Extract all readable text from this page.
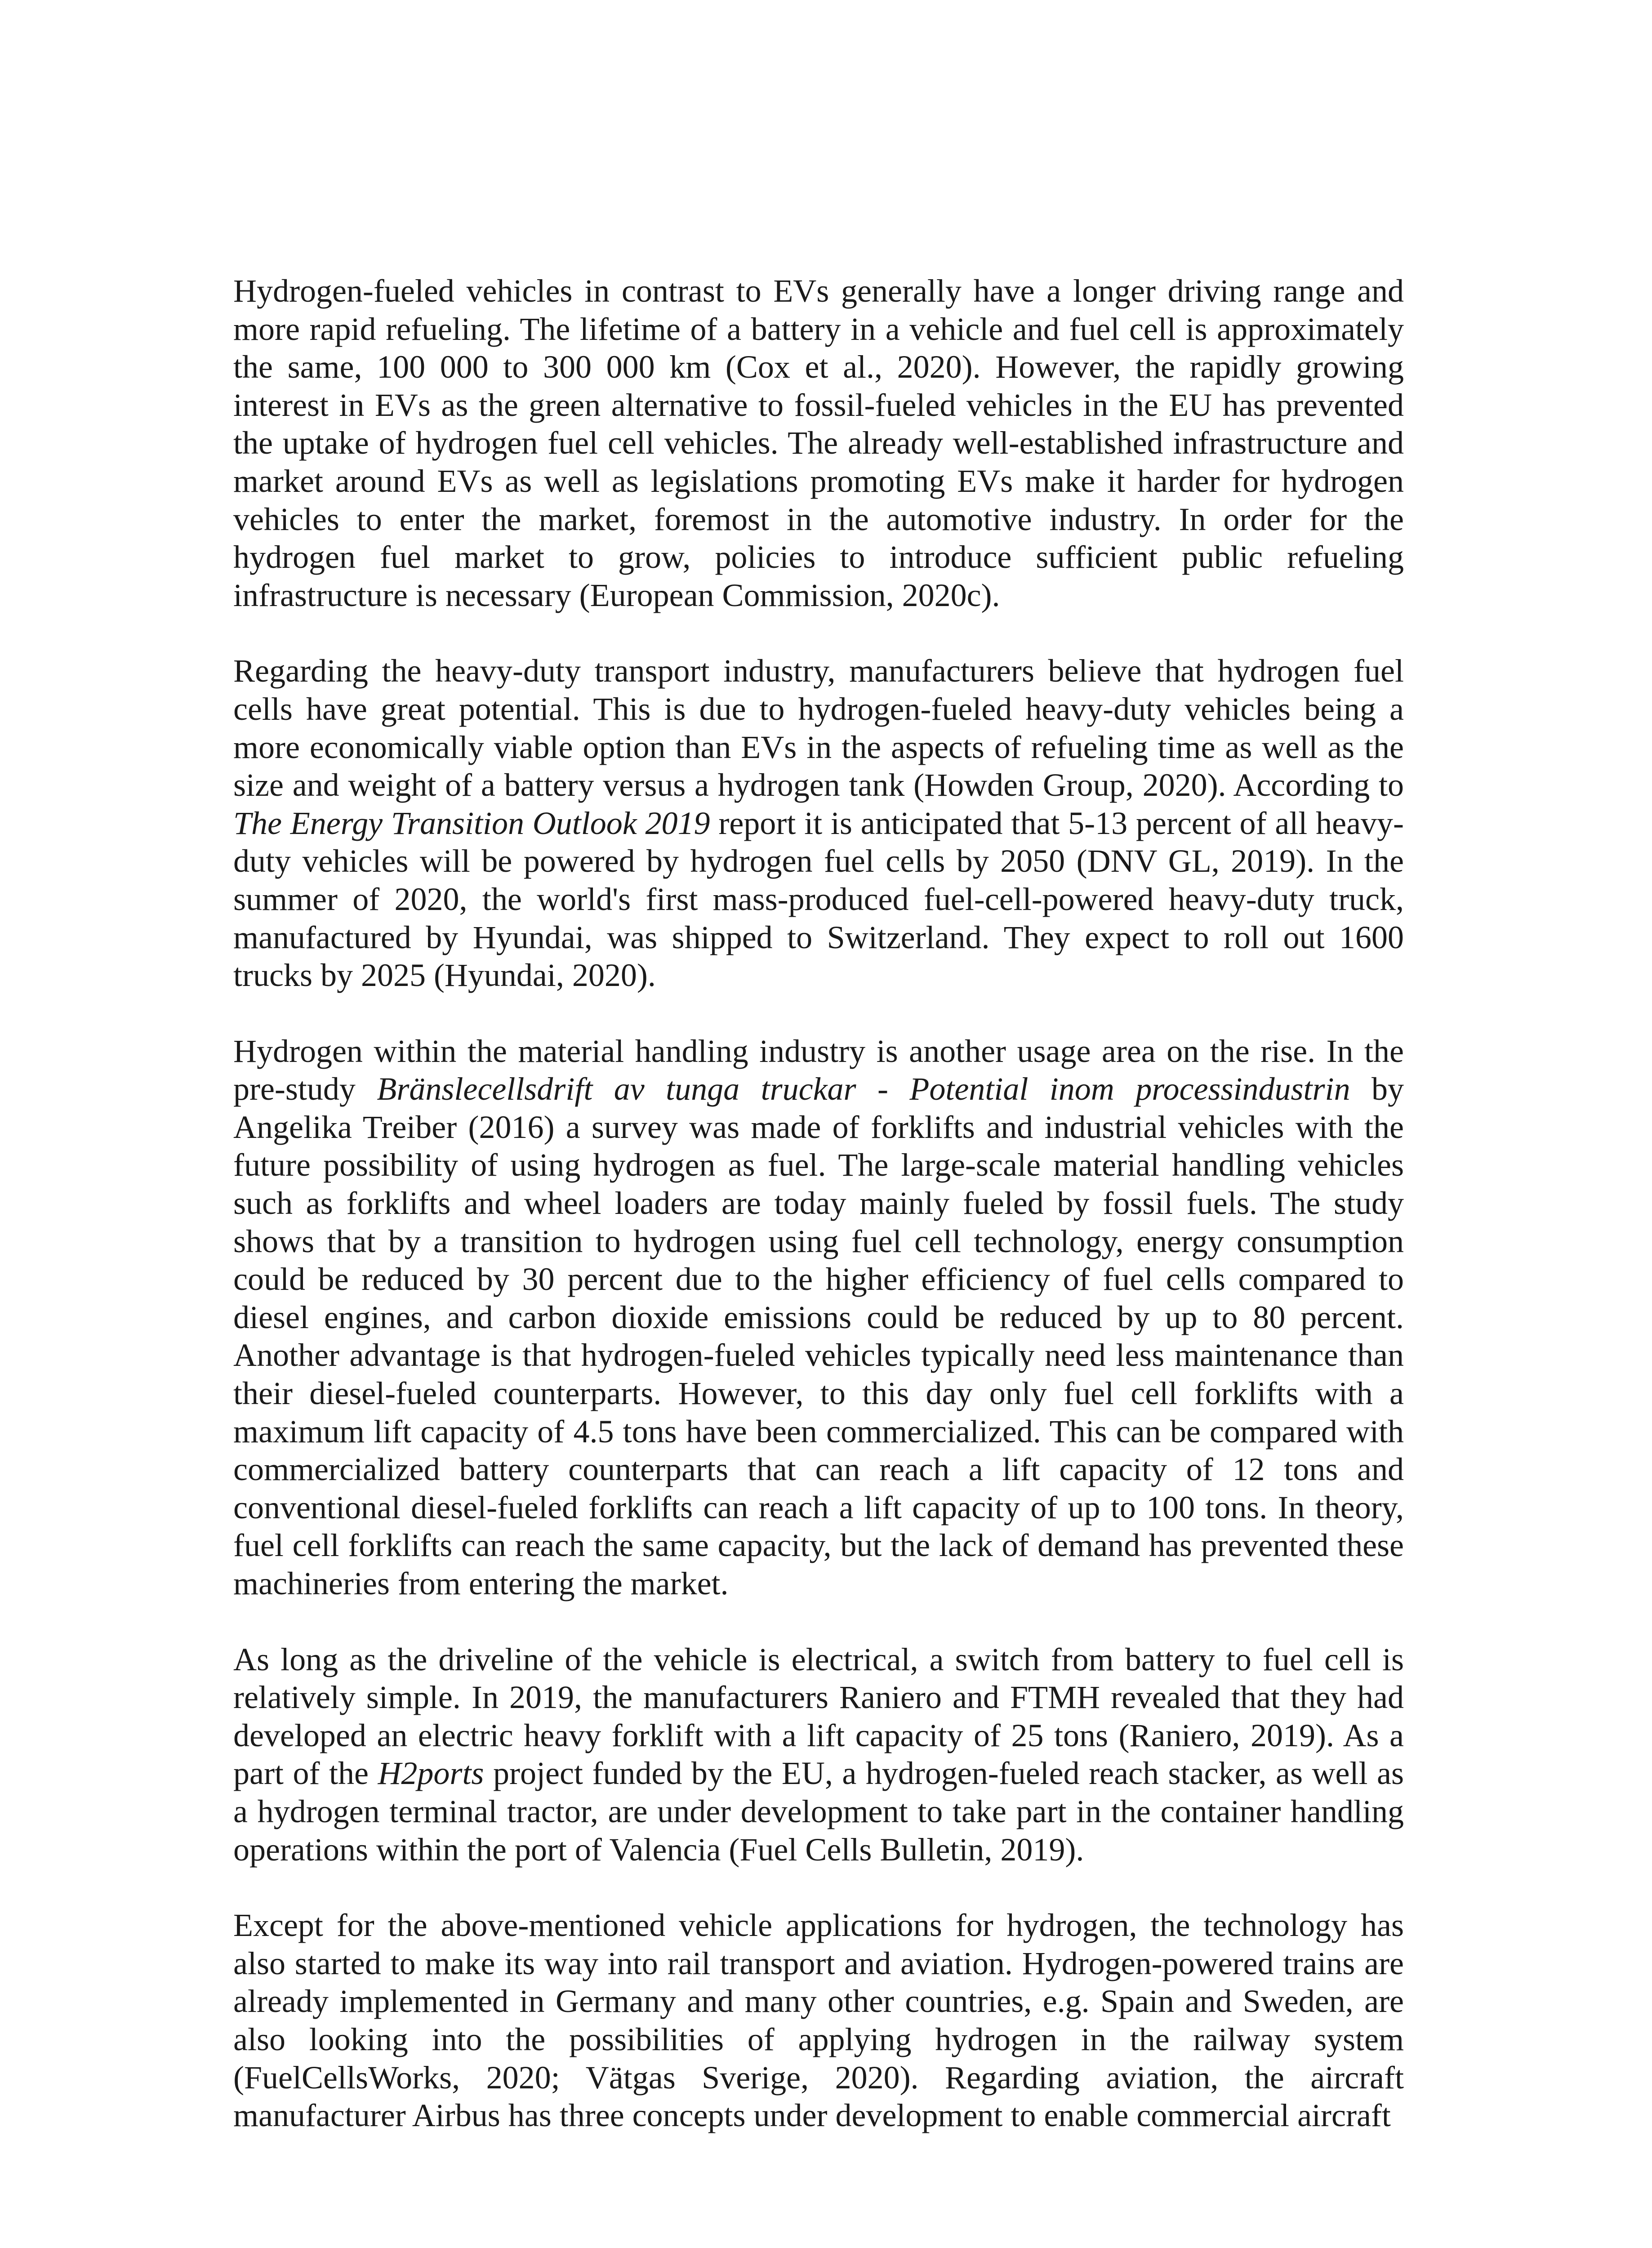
Hydrogen-fueled vehicles in contrast to EVs generally have a longer driving range and more rapid refueling. The lifetime of a battery in a vehicle and fuel cell is approximately the same, 100 000 to 300 000 km (Cox et al., 2020). However, the rapidly growing interest in EVs as the green alternative to fossil-fueled vehicles in the EU has prevented the uptake of hydrogen fuel cell vehicles. The already well-established infrastructure and market around EVs as well as legislations promoting EVs make it harder for hydrogen vehicles to enter the market, foremost in the automotive industry. In order for the hydrogen fuel market to grow, policies to introduce sufficient public refueling infrastructure is necessary (European Commission, 2020c).

Regarding the heavy-duty transport industry, manufacturers believe that hydrogen fuel cells have great potential. This is due to hydrogen-fueled heavy-duty vehicles being a more economically viable option than EVs in the aspects of refueling time as well as the size and weight of a battery versus a hydrogen tank (Howden Group, 2020). According to The Energy Transition Outlook 2019 report it is anticipated that 5-13 percent of all heavy-duty vehicles will be powered by hydrogen fuel cells by 2050 (DNV GL, 2019). In the summer of 2020, the world's first mass-produced fuel-cell-powered heavy-duty truck, manufactured by Hyundai, was shipped to Switzerland. They expect to roll out 1600 trucks by 2025 (Hyundai, 2020).

Hydrogen within the material handling industry is another usage area on the rise. In the pre-study Bränslecellsdrift av tunga truckar - Potential inom processindustrin by Angelika Treiber (2016) a survey was made of forklifts and industrial vehicles with the future possibility of using hydrogen as fuel. The large-scale material handling vehicles such as forklifts and wheel loaders are today mainly fueled by fossil fuels. The study shows that by a transition to hydrogen using fuel cell technology, energy consumption could be reduced by 30 percent due to the higher efficiency of fuel cells compared to diesel engines, and carbon dioxide emissions could be reduced by up to 80 percent. Another advantage is that hydrogen-fueled vehicles typically need less maintenance than their diesel-fueled counterparts. However, to this day only fuel cell forklifts with a maximum lift capacity of 4.5 tons have been commercialized. This can be compared with commercialized battery counterparts that can reach a lift capacity of 12 tons and conventional diesel-fueled forklifts can reach a lift capacity of up to 100 tons. In theory, fuel cell forklifts can reach the same capacity, but the lack of demand has prevented these machineries from entering the market.

As long as the driveline of the vehicle is electrical, a switch from battery to fuel cell is relatively simple. In 2019, the manufacturers Raniero and FTMH revealed that they had developed an electric heavy forklift with a lift capacity of 25 tons (Raniero, 2019). As a part of the H2ports project funded by the EU, a hydrogen-fueled reach stacker, as well as a hydrogen terminal tractor, are under development to take part in the container handling operations within the port of Valencia (Fuel Cells Bulletin, 2019).

Except for the above-mentioned vehicle applications for hydrogen, the technology has also started to make its way into rail transport and aviation. Hydrogen-powered trains are already implemented in Germany and many other countries, e.g. Spain and Sweden, are also looking into the possibilities of applying hydrogen in the railway system (FuelCellsWorks, 2020; Vätgas Sverige, 2020). Regarding aviation, the aircraft manufacturer Airbus has three concepts under development to enable commercial aircraft
